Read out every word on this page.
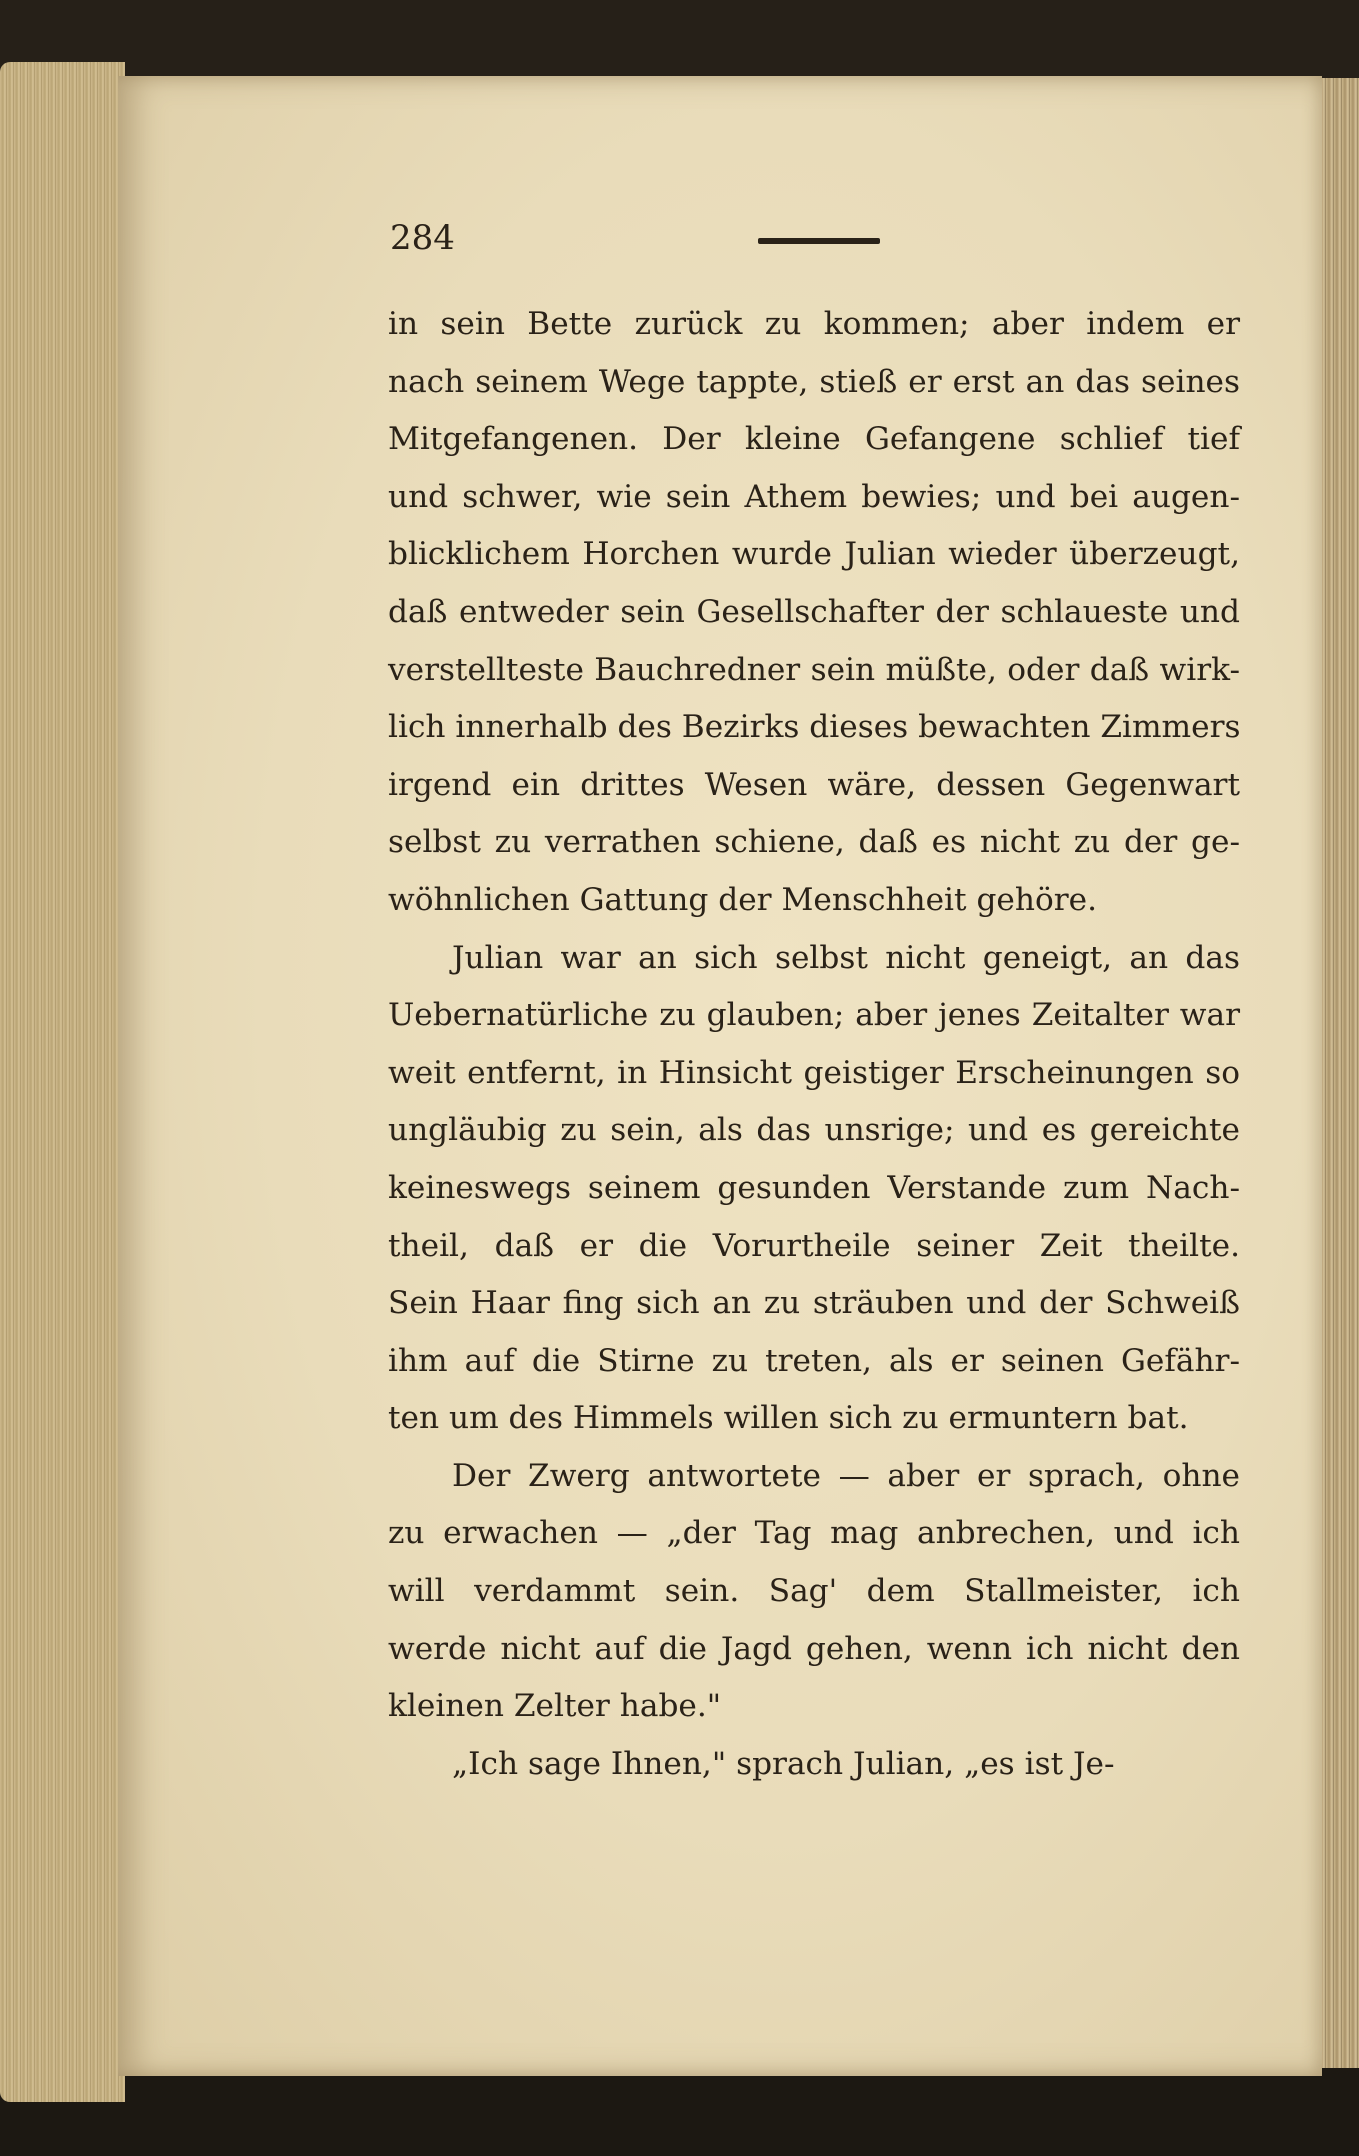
284
in sein Bette zurück zu kommen; aber indem er
nach seinem Wege tappte, stieß er erst an das seines
Mitgefangenen. Der kleine Gefangene schlief tief
und schwer, wie sein Athem bewies; und bei augen-
blicklichem Horchen wurde Julian wieder überzeugt,
daß entweder sein Gesellschafter der schlaueste und
verstellteste Bauchredner sein müßte, oder daß wirk-
lich innerhalb des Bezirks dieses bewachten Zimmers
irgend ein drittes Wesen wäre, dessen Gegenwart
selbst zu verrathen schiene, daß es nicht zu der ge-
wöhnlichen Gattung der Menschheit gehöre.
Julian war an sich selbst nicht geneigt, an das
Uebernatürliche zu glauben; aber jenes Zeitalter war
weit entfernt, in Hinsicht geistiger Erscheinungen so
ungläubig zu sein, als das unsrige; und es gereichte
keineswegs seinem gesunden Verstande zum Nach-
theil, daß er die Vorurtheile seiner Zeit theilte.
Sein Haar fing sich an zu sträuben und der Schweiß
ihm auf die Stirne zu treten, als er seinen Gefähr-
ten um des Himmels willen sich zu ermuntern bat.
Der Zwerg antwortete — aber er sprach, ohne
zu erwachen — „der Tag mag anbrechen, und ich
will verdammt sein. Sag' dem Stallmeister, ich
werde nicht auf die Jagd gehen, wenn ich nicht den
kleinen Zelter habe."
„Ich sage Ihnen," sprach Julian, „es ist Je-
